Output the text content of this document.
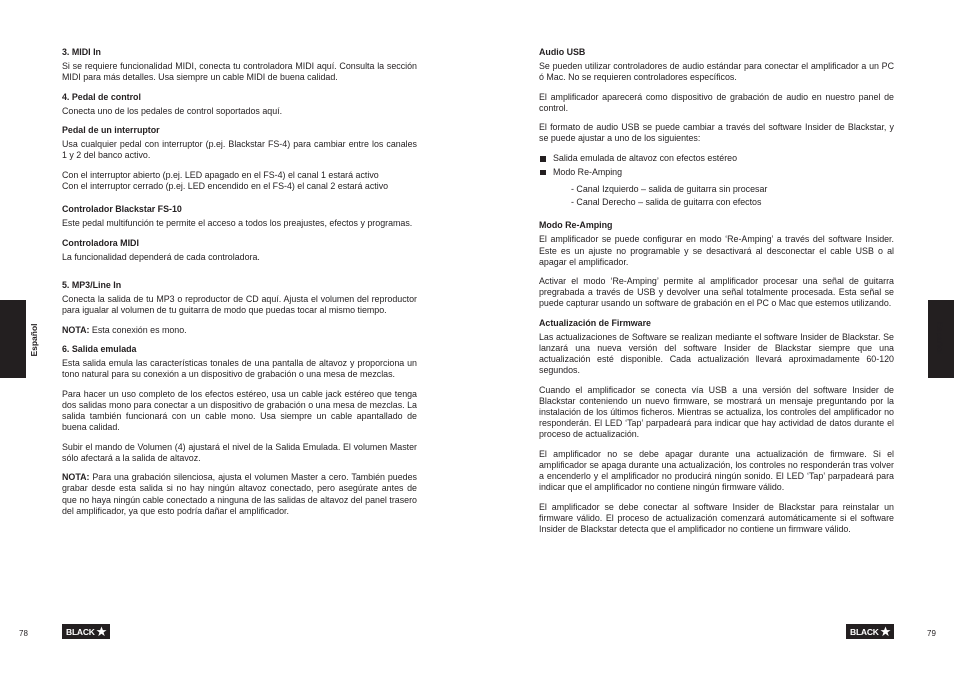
Español	Español
3. MIDI In

Si se requiere funcionalidad MIDI, conecta tu controladora MIDI aquí. Consulta la sección MIDI para más detalles. Usa siempre un cable MIDI de buena calidad.

4. Pedal de control

Conecta uno de los pedales de control soportados aquí.

Pedal de un interruptor

Usa cualquier pedal con interruptor (p.ej. Blackstar FS-4) para cambiar entre los canales 1 y 2 del banco activo.

Con el interruptor abierto (p.ej. LED apagado en el FS-4) el canal 1 estará activo
Con el interruptor cerrado (p.ej. LED encendido en el FS-4) el canal 2 estará activo

Controlador Blackstar FS-10

Este pedal multifunción te permite el acceso a todos los preajustes, efectos y programas.

Controladora MIDI

La funcionalidad dependerá de cada controladora.

5. MP3/Line In

Conecta la salida de tu MP3 o reproductor de CD aquí. Ajusta el volumen del reproductor para igualar al volumen de tu guitarra de modo que puedas tocar al mismo tiempo.

NOTA: Esta conexión es mono.

6. Salida emulada

Esta salida emula las características tonales de una pantalla de altavoz y proporciona un tono natural para su conexión a un dispositivo de grabación o una mesa de mezclas.

Para hacer un uso completo de los efectos estéreo, usa un cable jack estéreo que tenga dos salidas mono para conectar a un dispositivo de grabación o una mesa de mezclas. La salida también funcionará con un cable mono. Usa siempre un cable apantallado de buena calidad.

Subir el mando de Volumen (4) ajustará el nivel de la Salida Emulada. El volumen Master sólo afectará a la salida de altavoz.

NOTA: Para una grabación silenciosa, ajusta el volumen Master a cero. También puedes grabar desde esta salida si no hay ningún altavoz conectado, pero asegúrate antes de que no haya ningún cable conectado a ninguna de las salidas de altavoz del panel trasero del amplificador, ya que esto podría dañar el amplificador.

Audio USB

Se pueden utilizar controladores de audio estándar para conectar el amplificador a un PC ó Mac. No se requieren controladores específicos.

El amplificador aparecerá como dispositivo de grabación de audio en nuestro panel de control.

El formato de audio USB se puede cambiar a través del software Insider de Blackstar, y se puede ajustar a uno de los siguientes:

Salida emulada de altavoz con efectos estéreo
Modo Re-Amping
- Canal Izquierdo – salida de guitarra sin procesar
- Canal Derecho – salida de guitarra con efectos
Modo Re-Amping

El amplificador se puede configurar en modo ‘Re-Amping’ a través del software Insider. Este es un ajuste no programable y se desactivará al desconectar el cable USB o al apagar el amplificador.

Activar el modo ‘Re-Amping’ permite al amplificador procesar una señal de guitarra pregrabada a través de USB y devolver una señal totalmente procesada. Esta señal se puede capturar usando un software de grabación en el PC o Mac que estemos utilizando.

Actualización de Firmware

Las actualizaciones de Software se realizan mediante el software Insider de Blackstar. Se lanzará una nueva versión del software Insider de Blackstar siempre que una actualización esté disponible. Cada actualización llevará aproximadamente 60-120 segundos.

Cuando el amplificador se conecta vía USB a una versión del software Insider de Blackstar conteniendo un nuevo firmware, se mostrará un mensaje preguntando por la instalación de los últimos ficheros. Mientras se actualiza, los controles del amplificador no responderán. El LED ‘Tap’ parpadeará para indicar que hay actividad de datos durante el proceso de actualización.

El amplificador no se debe apagar durante una actualización de firmware. Si el amplificador se apaga durante una actualización, los controles no responderán tras volver a encenderlo y el amplificador no producirá ningún sonido. El LED ‘Tap’ parpadeará para indicar que el amplificador no contiene ningún firmware válido.

El amplificador se debe conectar al software Insider de Blackstar para reinstalar un firmware válido. El proceso de actualización comenzará automáticamente si el software Insider de Blackstar detecta que el amplificador no contiene un firmware válido.

78	79
BLACK	BLACK
